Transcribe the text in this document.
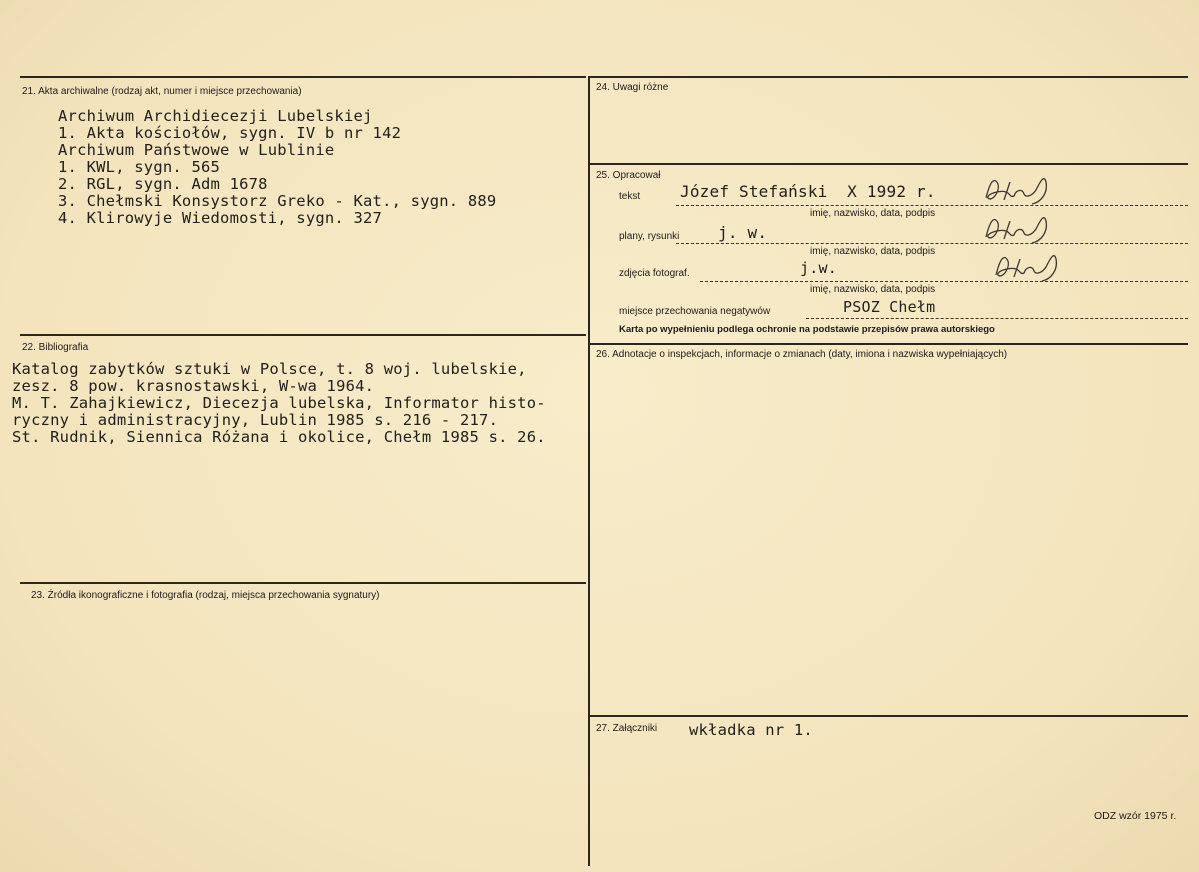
21. Akta archiwalne (rodzaj akt, numer i miejsce przechowania)
Archiwum Archidiecezji Lubelskiej
1. Akta kościołów, sygn. IV b nr 142
Archiwum Państwowe w Lublinie
1. KWL, sygn. 565
2. RGL, sygn. Adm 1678
3. Chełmski Konsystorz Greko - Kat., sygn. 889
4. Klirowyje Wiedomosti, sygn. 327
22. Bibliografia
Katalog zabytków sztuki w Polsce, t. 8 woj. lubelskie,
zesz. 8 pow. krasnostawski, W-wa 1964.
M. T. Zahajkiewicz, Diecezja lubelska, Informator histo-
ryczny i administracyjny, Lublin 1985 s. 216 - 217.
St. Rudnik, Siennica Różana i okolice, Chełm 1985 s. 26.
23. Źródła ikonograficzne i fotografia (rodzaj, miejsca przechowania sygnatury)
24. Uwagi różne
25. Opracował
tekst Józef Stefański  X 1992 r.
imię, nazwisko, data, podpis
plany, rysunki j. w.
imię, nazwisko, data, podpis
zdjęcia fotograf.	j.w.
imię, nazwisko, data, podpis
miejsce przechowania negatywów	PSOZ Chełm
Karta po wypełnieniu podlega ochronie na podstawie przepisów prawa autorskiego
26. Adnotacje o inspekcjach, informacje o zmianach (daty, imiona i nazwiska wypełniających)
27. Załączniki wkładka nr 1.
ODZ wzór 1975 r.
